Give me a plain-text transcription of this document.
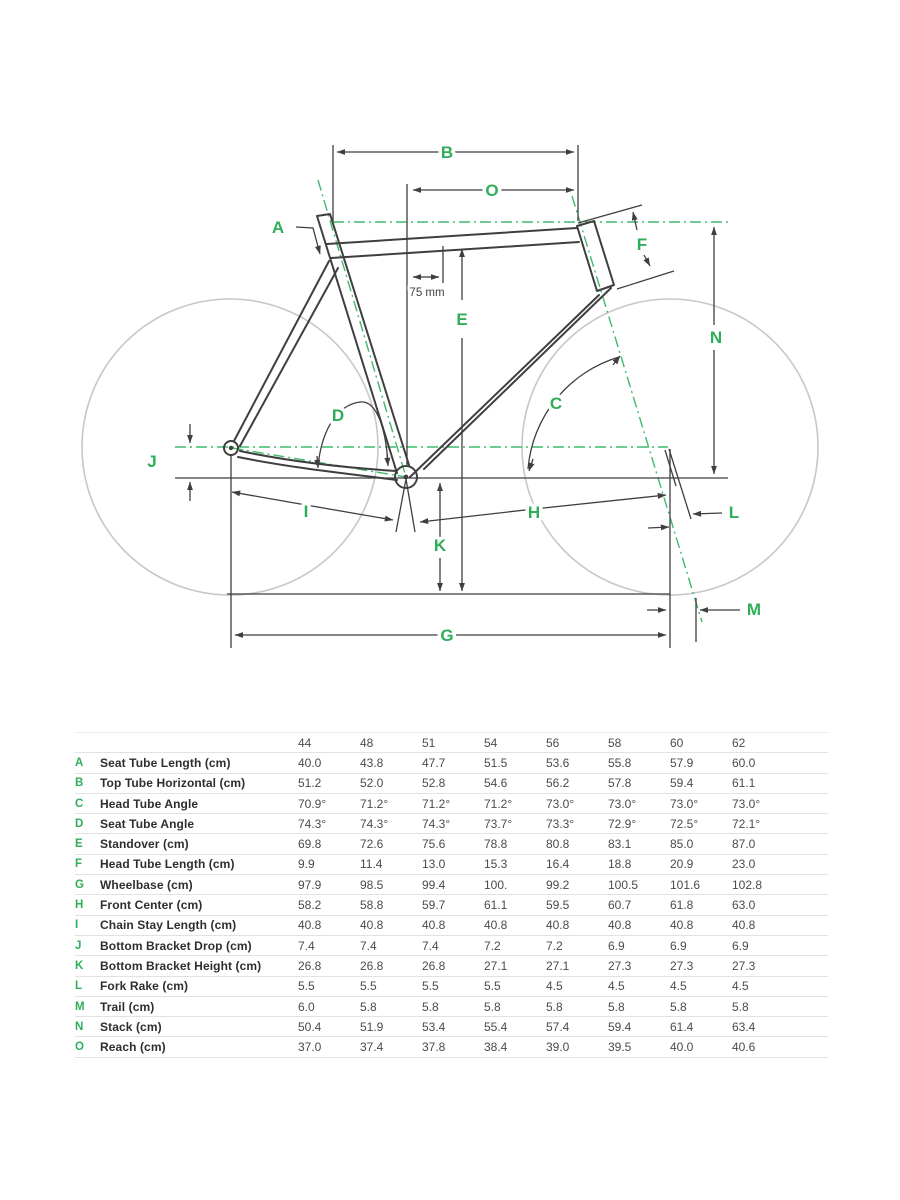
A
B
O
F
E
N
C
D
J
I	H
K
L
M
G
75 mm
44	48	51	54	56	58	60	62
A	Seat Tube Length (cm)	40.0	43.8	47.7	51.5	53.6	55.8	57.9	60.0
B	Top Tube Horizontal (cm)	51.2	52.0	52.8	54.6	56.2	57.8	59.4	61.1
C	Head Tube Angle	70.9°	71.2°	71.2°	71.2°	73.0°	73.0°	73.0°	73.0°
D	Seat Tube Angle	74.3°	74.3°	74.3°	73.7°	73.3°	72.9°	72.5°	72.1°
E	Standover (cm)	69.8	72.6	75.6	78.8	80.8	83.1	85.0	87.0
F	Head Tube Length (cm)	9.9	11.4	13.0	15.3	16.4	18.8	20.9	23.0
G	Wheelbase (cm)	97.9	98.5	99.4	100.	99.2	100.5	101.6	102.8
H	Front Center (cm)	58.2	58.8	59.7	61.1	59.5	60.7	61.8	63.0
I	Chain Stay Length (cm)	40.8	40.8	40.8	40.8	40.8	40.8	40.8	40.8
J	Bottom Bracket Drop (cm)	7.4	7.4	7.4	7.2	7.2	6.9	6.9	6.9
K	Bottom Bracket Height (cm)	26.8	26.8	26.8	27.1	27.1	27.3	27.3	27.3
L	Fork Rake (cm)	5.5	5.5	5.5	5.5	4.5	4.5	4.5	4.5
M	Trail (cm)	6.0	5.8	5.8	5.8	5.8	5.8	5.8	5.8
N	Stack (cm)	50.4	51.9	53.4	55.4	57.4	59.4	61.4	63.4
O	Reach (cm)	37.0	37.4	37.8	38.4	39.0	39.5	40.0	40.6
